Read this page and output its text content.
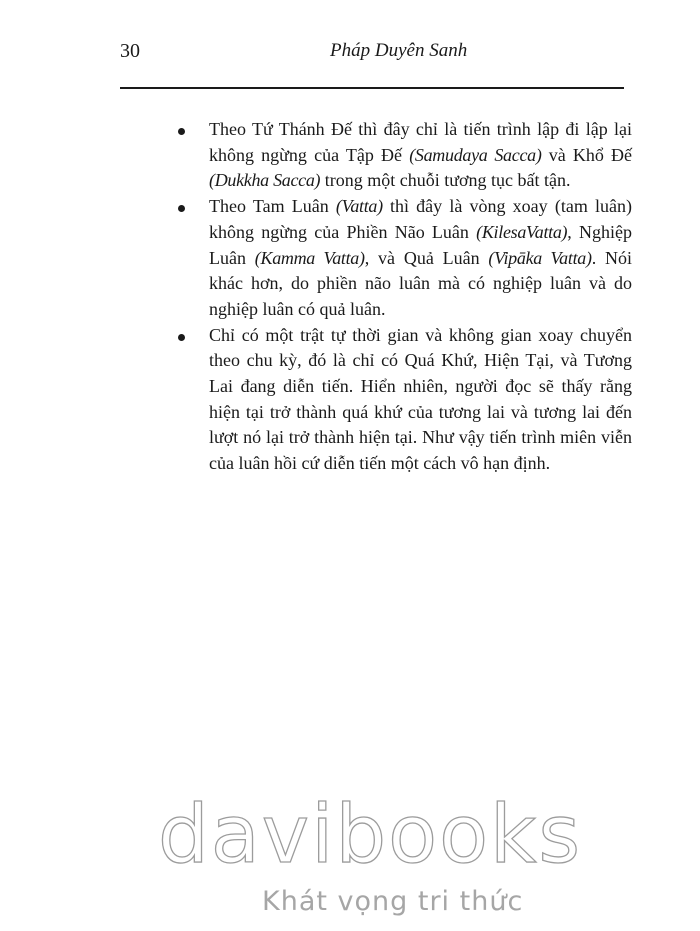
30	Pháp Duyên Sanh
Theo Tứ Thánh Đế thì đây chỉ là tiến trình lập đi lập lại không ngừng của Tập Đế (Samudaya Sacca) và Khổ Đế (Dukkha Sacca) trong một chuỗi tương tục bất tận.
Theo Tam Luân (Vatta) thì đây là vòng xoay (tam luân) không ngừng của Phiền Não Luân (KilesaVatta), Nghiệp Luân (Kamma Vatta), và Quả Luân (Vipāka Vatta). Nói khác hơn, do phiền não luân mà có nghiệp luân và do nghiệp luân có quả luân.
Chỉ có một trật tự thời gian và không gian xoay chuyển theo chu kỳ, đó là chỉ có Quá Khứ, Hiện Tại, và Tương Lai đang diễn tiến. Hiển nhiên, người đọc sẽ thấy rằng hiện tại trở thành quá khứ của tương lai và tương lai đến lượt nó lại trở thành hiện tại. Như vậy tiến trình miên viễn của luân hồi cứ diễn tiến một cách vô hạn định.
davibooks
Khát vọng tri thức
